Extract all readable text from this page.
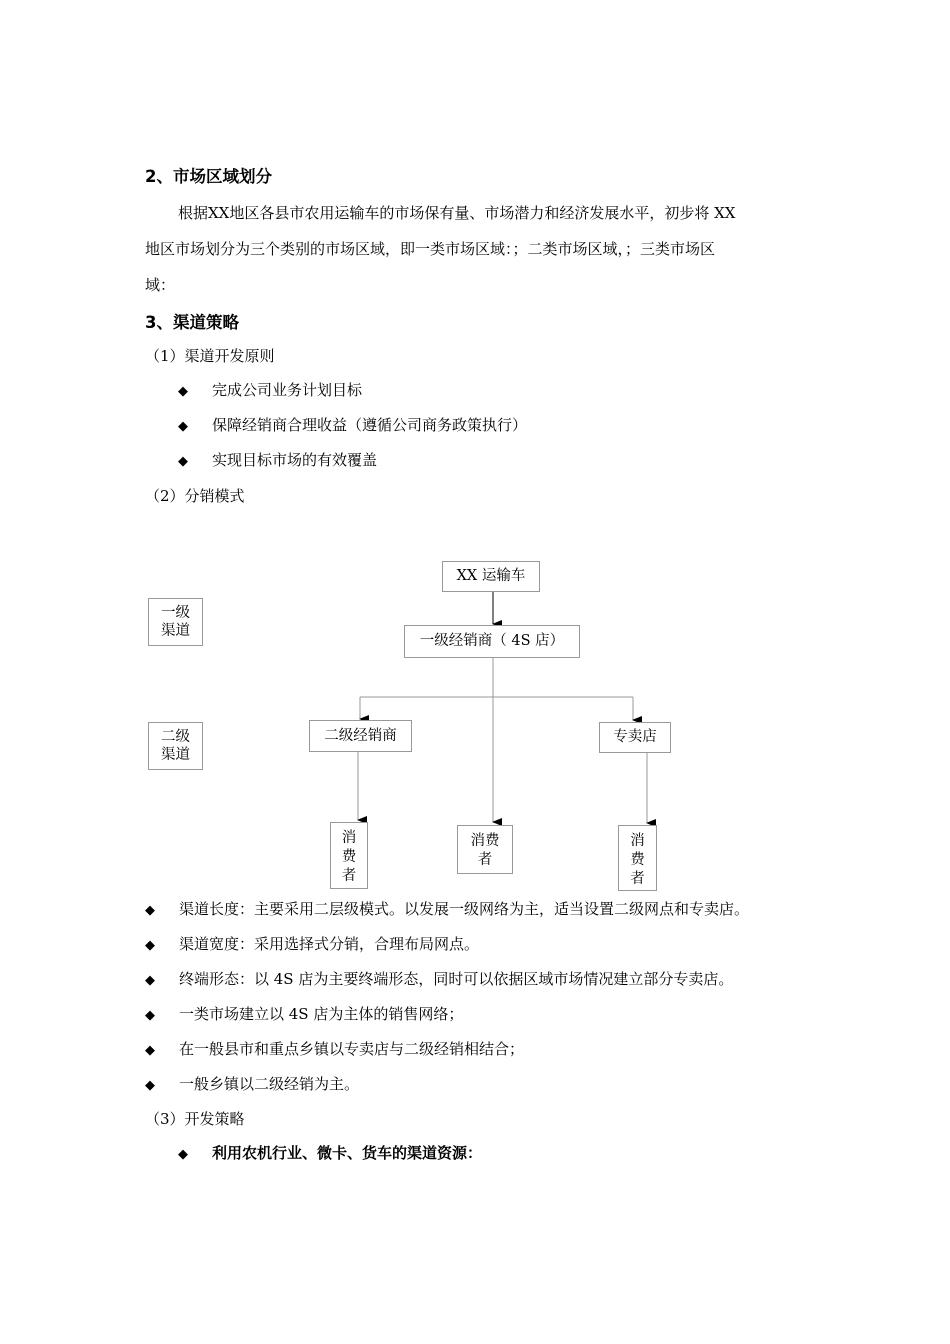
2、市场区域划分
根据XX地区各县市农用运输车的市场保有量、市场潜力和经济发展水平，初步将 XX
地区市场划分为三个类别的市场区域，即一类市场区域：；二类市场区域，；三类市场区
域：
3、渠道策略
（1）渠道开发原则
◆ 完成公司业务计划目标
◆ 保障经销商合理收益（遵循公司商务政策执行）
◆ 实现目标市场的有效覆盖
（2）分销模式
一级
渠道
二级
渠道
XX 运输车
一级经销商（ 4S 店）
二级经销商	专卖店
消
费
者
消费
者
消
费
者
◆ 渠道长度：主要采用二层级模式。以发展一级网络为主，适当设置二级网点和专卖店。
◆ 渠道宽度：采用选择式分销，合理布局网点。
◆ 终端形态：以 4S 店为主要终端形态，同时可以依据区域市场情况建立部分专卖店。
◆ 一类市场建立以 4S 店为主体的销售网络；
◆ 在一般县市和重点乡镇以专卖店与二级经销相结合；
◆ 一般乡镇以二级经销为主。
（3）开发策略
◆ 利用农机行业、微卡、货车的渠道资源：
